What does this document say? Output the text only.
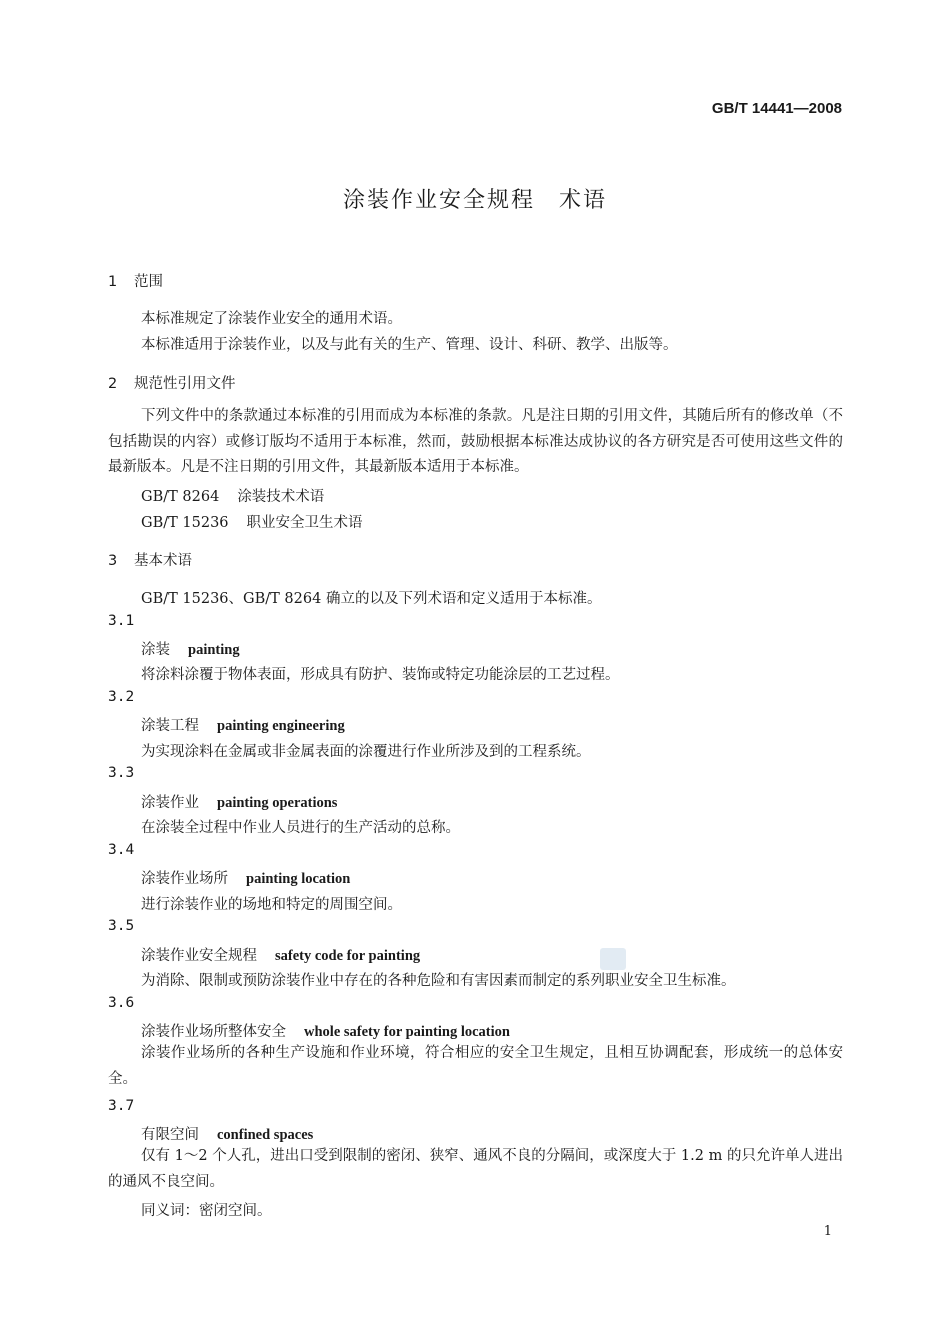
GB/T 14441—2008
涂装作业安全规程　术语
1 范围
本标准规定了涂装作业安全的通用术语。
本标准适用于涂装作业，以及与此有关的生产、管理、设计、科研、教学、出版等。
2 规范性引用文件
下列文件中的条款通过本标准的引用而成为本标准的条款。凡是注日期的引用文件，其随后所有的修改单（不包括勘误的内容）或修订版均不适用于本标准，然而，鼓励根据本标准达成协议的各方研究是否可使用这些文件的最新版本。凡是不注日期的引用文件，其最新版本适用于本标准。
GB/T 8264 涂装技术术语
GB/T 15236 职业安全卫生术语
3 基本术语
GB/T 15236、GB/T 8264 确立的以及下列术语和定义适用于本标准。
3.1
涂装 painting
将涂料涂覆于物体表面，形成具有防护、装饰或特定功能涂层的工艺过程。
3.2
涂装工程 painting engineering
为实现涂料在金属或非金属表面的涂覆进行作业所涉及到的工程系统。
3.3
涂装作业 painting operations
在涂装全过程中作业人员进行的生产活动的总称。
3.4
涂装作业场所 painting location
进行涂装作业的场地和特定的周围空间。
3.5
涂装作业安全规程 safety code for painting
为消除、限制或预防涂装作业中存在的各种危险和有害因素而制定的系列职业安全卫生标准。
3.6
涂装作业场所整体安全 whole safety for painting location
涂装作业场所的各种生产设施和作业环境，符合相应的安全卫生规定，且相互协调配套，形成统一的总体安全。
3.7
有限空间 confined spaces
仅有 1～2 个人孔，进出口受到限制的密闭、狭窄、通风不良的分隔间，或深度大于 1.2 m 的只允许单人进出的通风不良空间。
同义词：密闭空间。
1
